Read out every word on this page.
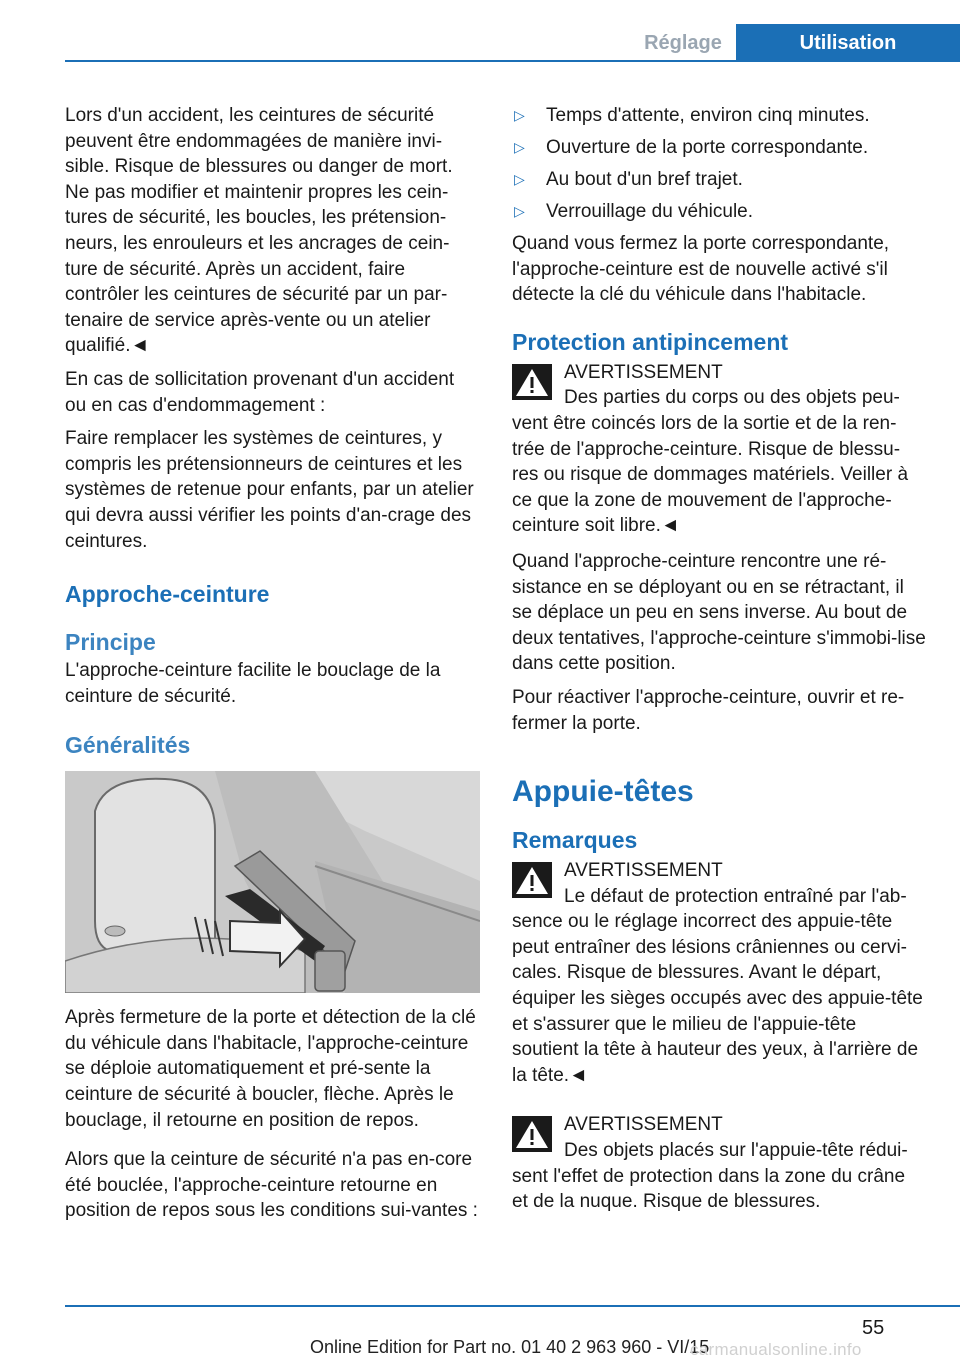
Réglage	Utilisation
Lors d'un accident, les ceintures de sécurité peuvent être endommagées de manière invi-sible. Risque de blessures ou danger de mort. Ne pas modifier et maintenir propres les cein-tures de sécurité, les boucles, les prétension-neurs, les enrouleurs et les ancrages de cein-ture de sécurité. Après un accident, faire contrôler les ceintures de sécurité par un par-tenaire de service après-vente ou un atelier qualifié.◄
En cas de sollicitation provenant d'un accident ou en cas d'endommagement :
Faire remplacer les systèmes de ceintures, y compris les prétensionneurs de ceintures et les systèmes de retenue pour enfants, par un atelier qui devra aussi vérifier les points d'an-crage des ceintures.
Approche-ceinture
Principe
L'approche-ceinture facilite le bouclage de la ceinture de sécurité.
Généralités
Après fermeture de la porte et détection de la clé du véhicule dans l'habitacle, l'approche-ceinture se déploie automatiquement et pré-sente la ceinture de sécurité à boucler, flèche. Après le bouclage, il retourne en position de repos.
Alors que la ceinture de sécurité n'a pas en-core été bouclée, l'approche-ceinture retourne en position de repos sous les conditions sui-vantes :
▷	Temps d'attente, environ cinq minutes.
▷	Ouverture de la porte correspondante.
▷	Au bout d'un bref trajet.
▷	Verrouillage du véhicule.
Quand vous fermez la porte correspondante, l'approche-ceinture est de nouvelle activé s'il détecte la clé du véhicule dans l'habitacle.
Protection antipincement
AVERTISSEMENT
Des parties du corps ou des objets peu-
vent être coincés lors de la sortie et de la ren-trée de l'approche-ceinture. Risque de blessu-res ou risque de dommages matériels. Veiller à ce que la zone de mouvement de l'approche-ceinture soit libre.◄
Quand l'approche-ceinture rencontre une ré-sistance en se déployant ou en se rétractant, il se déplace un peu en sens inverse. Au bout de deux tentatives, l'approche-ceinture s'immobi-lise dans cette position.
Pour réactiver l'approche-ceinture, ouvrir et re-fermer la porte.
Appuie-têtes
Remarques
AVERTISSEMENT
Le défaut de protection entraîné par l'ab-
sence ou le réglage incorrect des appuie-tête peut entraîner des lésions crâniennes ou cervi-cales. Risque de blessures. Avant le départ, équiper les sièges occupés avec des appuie-tête et s'assurer que le milieu de l'appuie-tête soutient la tête à hauteur des yeux, à l'arrière de la tête.◄
AVERTISSEMENT
Des objets placés sur l'appuie-tête rédui-
sent l'effet de protection dans la zone du crâne et de la nuque. Risque de blessures.
55
Online Edition for Part no. 01 40 2 963 960 - VI/15
carmanualsonline.info
